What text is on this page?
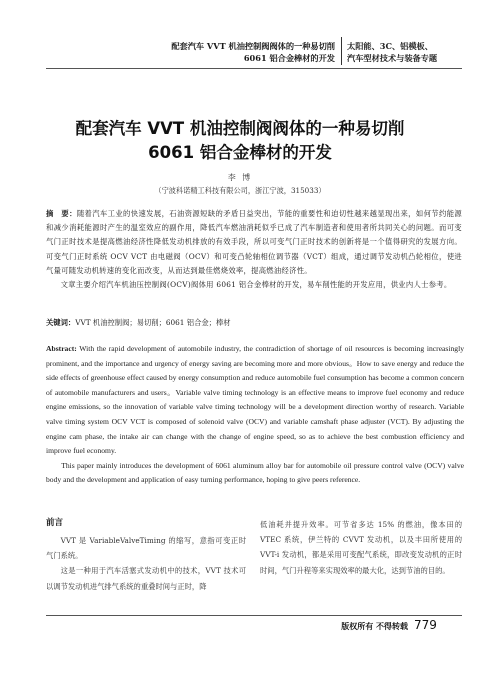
配套汽车 VVT 机油控制阀阀体的一种易切削
6061 铝合金棒材的开发
太阳能、3C、铝模板、
汽车型材技术与装备专题
配套汽车 VVT 机油控制阀阀体的一种易切削
6061 铝合金棒材的开发
李 博
（宁波科诺精工科技有限公司，浙江宁波，315033）

摘　要：随着汽车工业的快速发展，石油资源短缺的矛盾日益突出，节能的重要性和迫切性越来越显现出来，如何节约能源和减少消耗能源时产生的温室效应的副作用，降低汽车燃油消耗似乎已成了汽车制造者和使用者所共同关心的问题。而可变气门正时技术是提高燃油经济性降低发动机排放的有效手段，所以可变气门正时技术的创新将是一个值得研究的发展方向。可变气门正时系统 OCV VCT 由电磁阀（OCV）和可变凸轮轴相位调节器（VCT）组成，通过调节发动机凸轮相位，使进气量可随发动机转速的变化而改变，从而达到最佳燃烧效率，提高燃油经济性。

文章主要介绍汽车机油压控制阀(OCV)阀体用 6061 铝合金棒材的开发，易车削性能的开发应用，供业内人士参考。

关键词：VVT 机油控制阀；易切削；6061 铝合金；棒材

Abstract: With the rapid development of automobile industry, the contradiction of shortage of oil resources is becoming increasingly prominent, and the importance and urgency of energy saving are becoming more and more obvious。How to save energy and reduce the side effects of greenhouse effect caused by energy consumption and reduce automobile fuel consumption has become a common concern of automobile manufacturers and users。Variable valve timing technology is an effective means to improve fuel economy and reduce engine emissions, so the innovation of variable valve timing technology will be a development direction worthy of research. Variable valve timing system OCV VCT is composed of solenoid valve (OCV) and variable camshaft phase adjuster (VCT). By adjusting the engine cam phase, the intake air can change with the change of engine speed, so as to achieve the best combustion efficiency and improve fuel economy.

This paper mainly introduces the development of 6061 aluminum alloy bar for automobile oil pressure control valve (OCV) valve body and the development and application of easy turning performance, hoping to give peers reference.

前言

VVT 是 VariableValveTiming 的缩写，意指可变正时气门系统。

这是一种用于汽车活塞式发动机中的技术，VVT 技术可以调节发动机进气排气系统的重叠时间与正时，降

低油耗并提升效率。可节省多达 15% 的燃油，像本田的 VTEC 系统，伊兰特的 CVVT 发动机，以及丰田所使用的 VVT-i 发动机，都是采用可变配气系统，即改变发动机的正时时间，气门升程等来实现效率的最大化，达到节油的目的。

版权所有 不得转载 779
